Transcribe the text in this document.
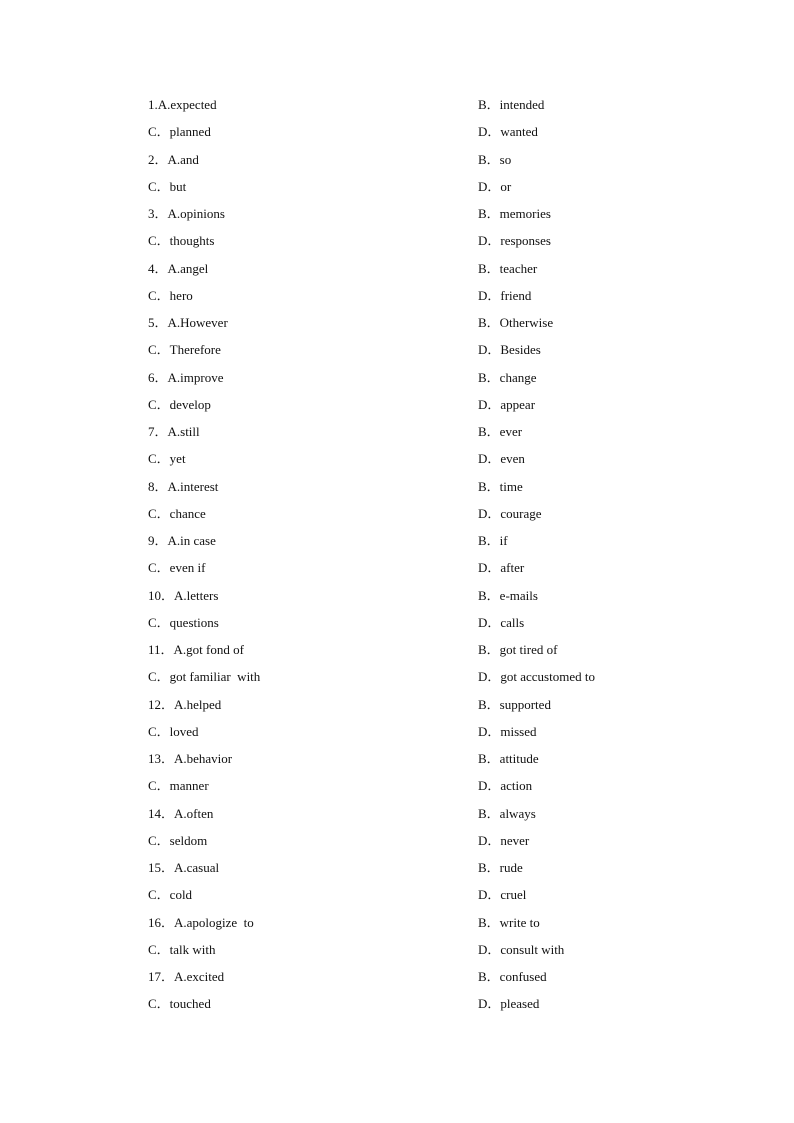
1.A.expected	B．intended
C．planned	D．wanted
2．A.and	B．so
C．but	D．or
3．A.opinions	B．memories
C．thoughts	D．responses
4．A.angel	B．teacher
C．hero	D．friend
5．A.However	B．Otherwise
C．Therefore	D．Besides
6．A.improve	B．change
C．develop	D．appear
7．A.still	B．ever
C．yet	D．even
8．A.interest	B．time
C．chance	D．courage
9．A.in case	B．if
C．even if	D．after
10．A.letters	B．e-mails
C．questions	D．calls
11．A.got fond of	B．got tired of
C．got familiar  with	D．got accustomed to
12．A.helped	B．supported
C．loved	D．missed
13．A.behavior	B．attitude
C．manner	D．action
14．A.often	B．always
C．seldom	D．never
15．A.casual	B．rude
C．cold	D．cruel
16．A.apologize  to	B．write to
C．talk with	D．consult with
17．A.excited	B．confused
C．touched	D．pleased
